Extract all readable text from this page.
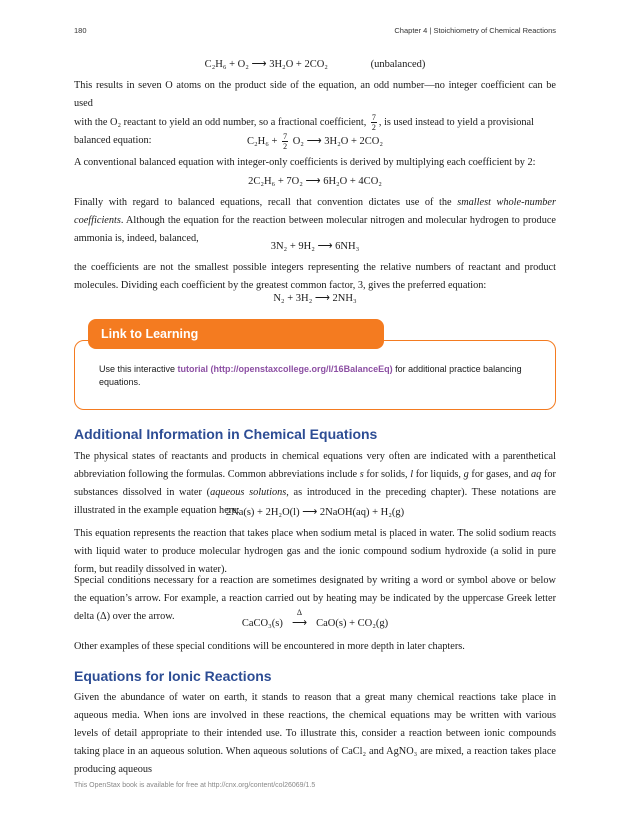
180	Chapter 4 | Stoichiometry of Chemical Reactions
C₂H₆ + O₂ ⟶ 3H₂O + 2CO₂	(unbalanced)
This results in seven O atoms on the product side of the equation, an odd number—no integer coefficient can be used
with the O₂ reactant to yield an odd number, so a fractional coefficient, $\frac{7}{2}$ , is used instead to yield a provisional
balanced equation:	$C_2H_6 + \frac{7}{2} O_2$ ⟶ 3H₂O + 2CO₂
A conventional balanced equation with integer-only coefficients is derived by multiplying each coefficient by 2:
2C₂H₆ + 7O₂ ⟶ 6H₂O + 4CO₂
Finally with regard to balanced equations, recall that convention dictates use of the smallest whole-number coefficients. Although the equation for the reaction between molecular nitrogen and molecular hydrogen to produce ammonia is, indeed, balanced,
3N₂ + 9H₂ ⟶ 6NH₃
the coefficients are not the smallest possible integers representing the relative numbers of reactant and product molecules. Dividing each coefficient by the greatest common factor, 3, gives the preferred equation:
N₂ + 3H₂ ⟶ 2NH₃
Link to Learning
Use this interactive tutorial (http://openstaxcollege.org/l/16BalanceEq) for additional practice balancing equations.
Additional Information in Chemical Equations
The physical states of reactants and products in chemical equations very often are indicated with a parenthetical abbreviation following the formulas. Common abbreviations include s for solids, l for liquids, g for gases, and aq for substances dissolved in water (aqueous solutions, as introduced in the preceding chapter). These notations are illustrated in the example equation here:
2Na(s) + 2H₂O(l) ⟶ 2NaOH(aq) + H₂(g)
This equation represents the reaction that takes place when sodium metal is placed in water. The solid sodium reacts with liquid water to produce molecular hydrogen gas and the ionic compound sodium hydroxide (a solid in pure form, but readily dissolved in water).
Special conditions necessary for a reaction are sometimes designated by writing a word or symbol above or below the equation’s arrow. For example, a reaction carried out by heating may be indicated by the uppercase Greek letter delta (Δ) over the arrow.
CaCO₃(s)
Δ
⟶ CaO(s) + CO₂(g)
Other examples of these special conditions will be encountered in more depth in later chapters.
Equations for Ionic Reactions
Given the abundance of water on earth, it stands to reason that a great many chemical reactions take place in aqueous media. When ions are involved in these reactions, the chemical equations may be written with various levels of detail appropriate to their intended use. To illustrate this, consider a reaction between ionic compounds taking place in an aqueous solution. When aqueous solutions of CaCl₂ and AgNO₃ are mixed, a reaction takes place producing aqueous
This OpenStax book is available for free at http://cnx.org/content/col26069/1.5
